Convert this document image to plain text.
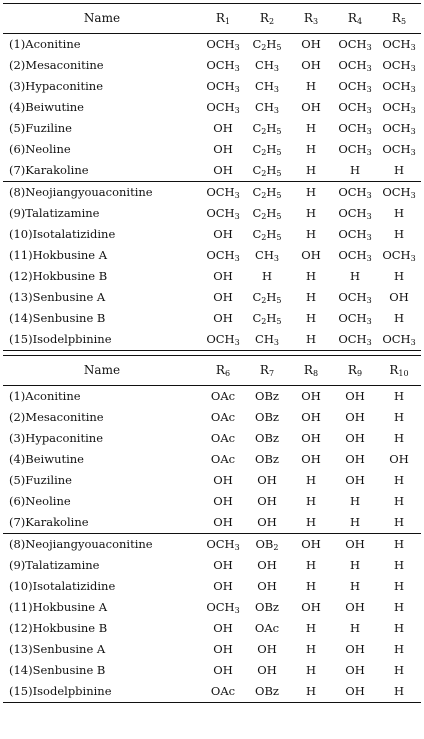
Name	$R_1$	$R_2$	$R_3$	$R_4$	$R_5$
(1)Aconitine	$OCH_3$	$C_2H_5$	OH	$OCH_3$	$OCH_3$
(2)Mesaconitine	$OCH_3$	$CH_3$	OH	$OCH_3$	$OCH_3$
(3)Hypaconitine	$OCH_3$	$CH_3$	H	$OCH_3$	$OCH_3$
(4)Beiwutine	$OCH_3$	$CH_3$	OH	$OCH_3$	$OCH_3$
(5)Fuziline	OH	$C_2H_5$	H	$OCH_3$	$OCH_3$
(6)Neoline	OH	$C_2H_5$	H	$OCH_3$	$OCH_3$
(7)Karakoline	OH	$C_2H_5$	H	H	H
(8)Neojiangyouaconitine	$OCH_3$	$C_2H_5$	H	$OCH_3$	$OCH_3$
(9)Talatizamine	$OCH_3$	$C_2H_5$	H	$OCH_3$	H
(10)Isotalatizidine	OH	$C_2H_5$	H	$OCH_3$	H
(11)Hokbusine A	$OCH_3$	$CH_3$	OH	$OCH_3$	$OCH_3$
(12)Hokbusine B	OH	H	H	H	H
(13)Senbusine A	OH	$C_2H_5$	H	$OCH_3$	OH
(14)Senbusine B	OH	$C_2H_5$	H	$OCH_3$	H
(15)Isodelpbinine	$OCH_3$	$CH_3$	H	$OCH_3$	$OCH_3$
Name	$R_6$	$R_7$	$R_8$	$R_9$	$R_{10}$
(1)Aconitine	OAc	OBz	OH	OH	H
(2)Mesaconitine	OAc	OBz	OH	OH	H
(3)Hypaconitine	OAc	OBz	OH	OH	H
(4)Beiwutine	OAc	OBz	OH	OH	OH
(5)Fuziline	OH	OH	H	OH	H
(6)Neoline	OH	OH	H	H	H
(7)Karakoline	OH	OH	H	H	H
(8)Neojiangyouaconitine	$OCH_3$	$OB_2$	OH	OH	H
(9)Talatizamine	OH	OH	H	H	H
(10)Isotalatizidine	OH	OH	H	H	H
(11)Hokbusine A	$OCH_3$	OBz	OH	OH	H
(12)Hokbusine B	OH	OAc	H	H	H
(13)Senbusine A	OH	OH	H	OH	H
(14)Senbusine B	OH	OH	H	OH	H
(15)Isodelpbinine	OAc	OBz	H	OH	H
